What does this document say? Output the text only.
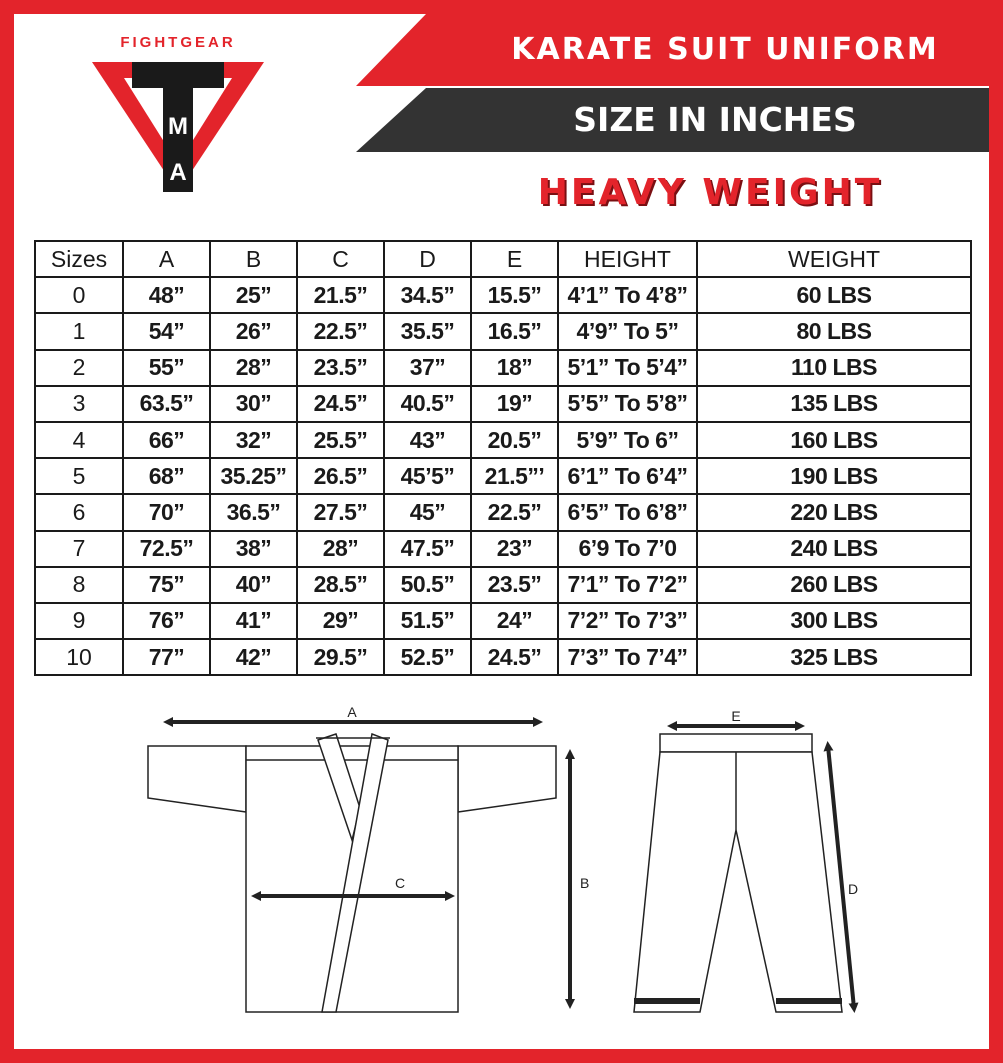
FIGHTGEAR
M
A
KARATE SUIT UNIFORM
SIZE IN INCHES
HEAVY WEIGHT
Sizes	A	B	C	D	E	HEIGHT	WEIGHT
0	48”	25”	21.5”	34.5”	15.5”	4’1” To 4’8”	60 LBS
1	54”	26”	22.5”	35.5”	16.5”	4’9” To 5”	80 LBS
2	55”	28”	23.5”	37”	18”	5’1” To 5’4”	110 LBS
3	63.5”	30”	24.5”	40.5”	19”	5’5” To 5’8”	135 LBS
4	66”	32”	25.5”	43”	20.5”	5’9” To 6”	160 LBS
5	68”	35.25”	26.5”	45’5”	21.5”’	6’1” To 6’4”	190 LBS
6	70”	36.5”	27.5”	45”	22.5”	6’5” To 6’8”	220 LBS
7	72.5”	38”	28”	47.5”	23”	6’9 To 7’0	240 LBS
8	75”	40”	28.5”	50.5”	23.5”	7’1” To 7’2”	260 LBS
9	76”	41”	29”	51.5”	24”	7’2” To 7’3”	300 LBS
10	77”	42”	29.5”	52.5”	24.5”	7’3” To 7’4”	325 LBS
A
C	B
E
D
